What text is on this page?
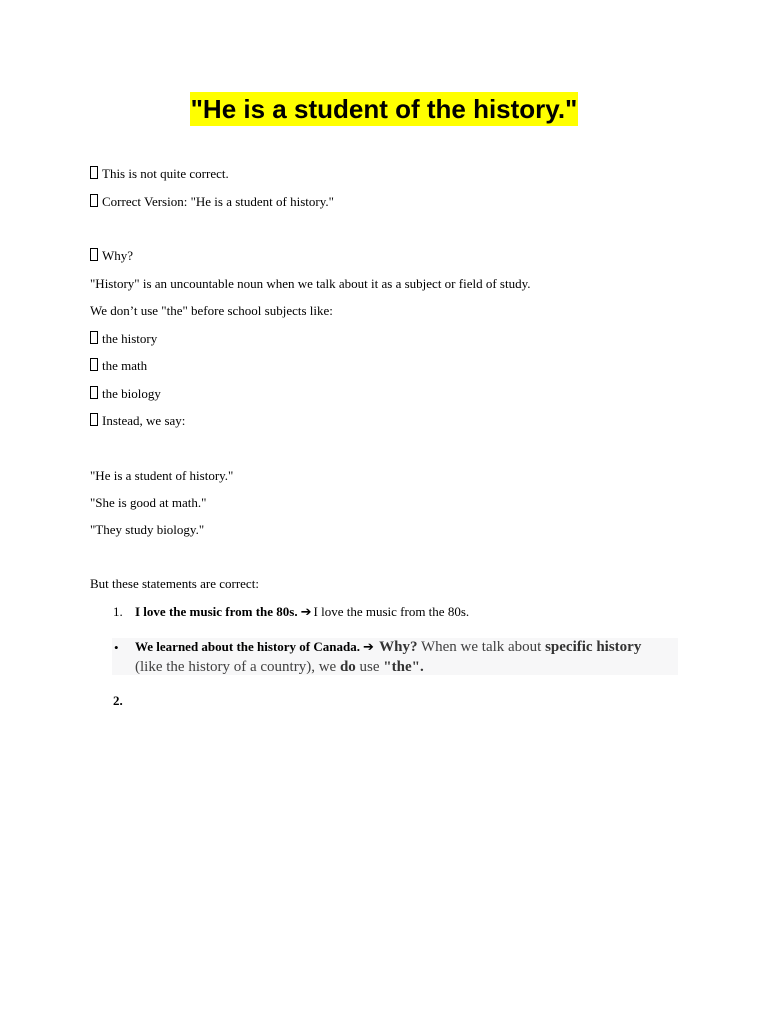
"He is a student of the history."
This is not quite correct.
Correct Version: "He is a student of history."
Why?
"History" is an uncountable noun when we talk about it as a subject or field of study.
We don’t use "the" before school subjects like:
the history
the math
the biology
Instead, we say:
"He is a student of history."
"She is good at math."
"They study biology."
But these statements are correct:
1. I love the music from the 80s. ➔ I love the music from the 80s.
• We learned about the history of Canada. ➔ Why? When we talk about specific history (like the history of a country), we do use "the".
2.
